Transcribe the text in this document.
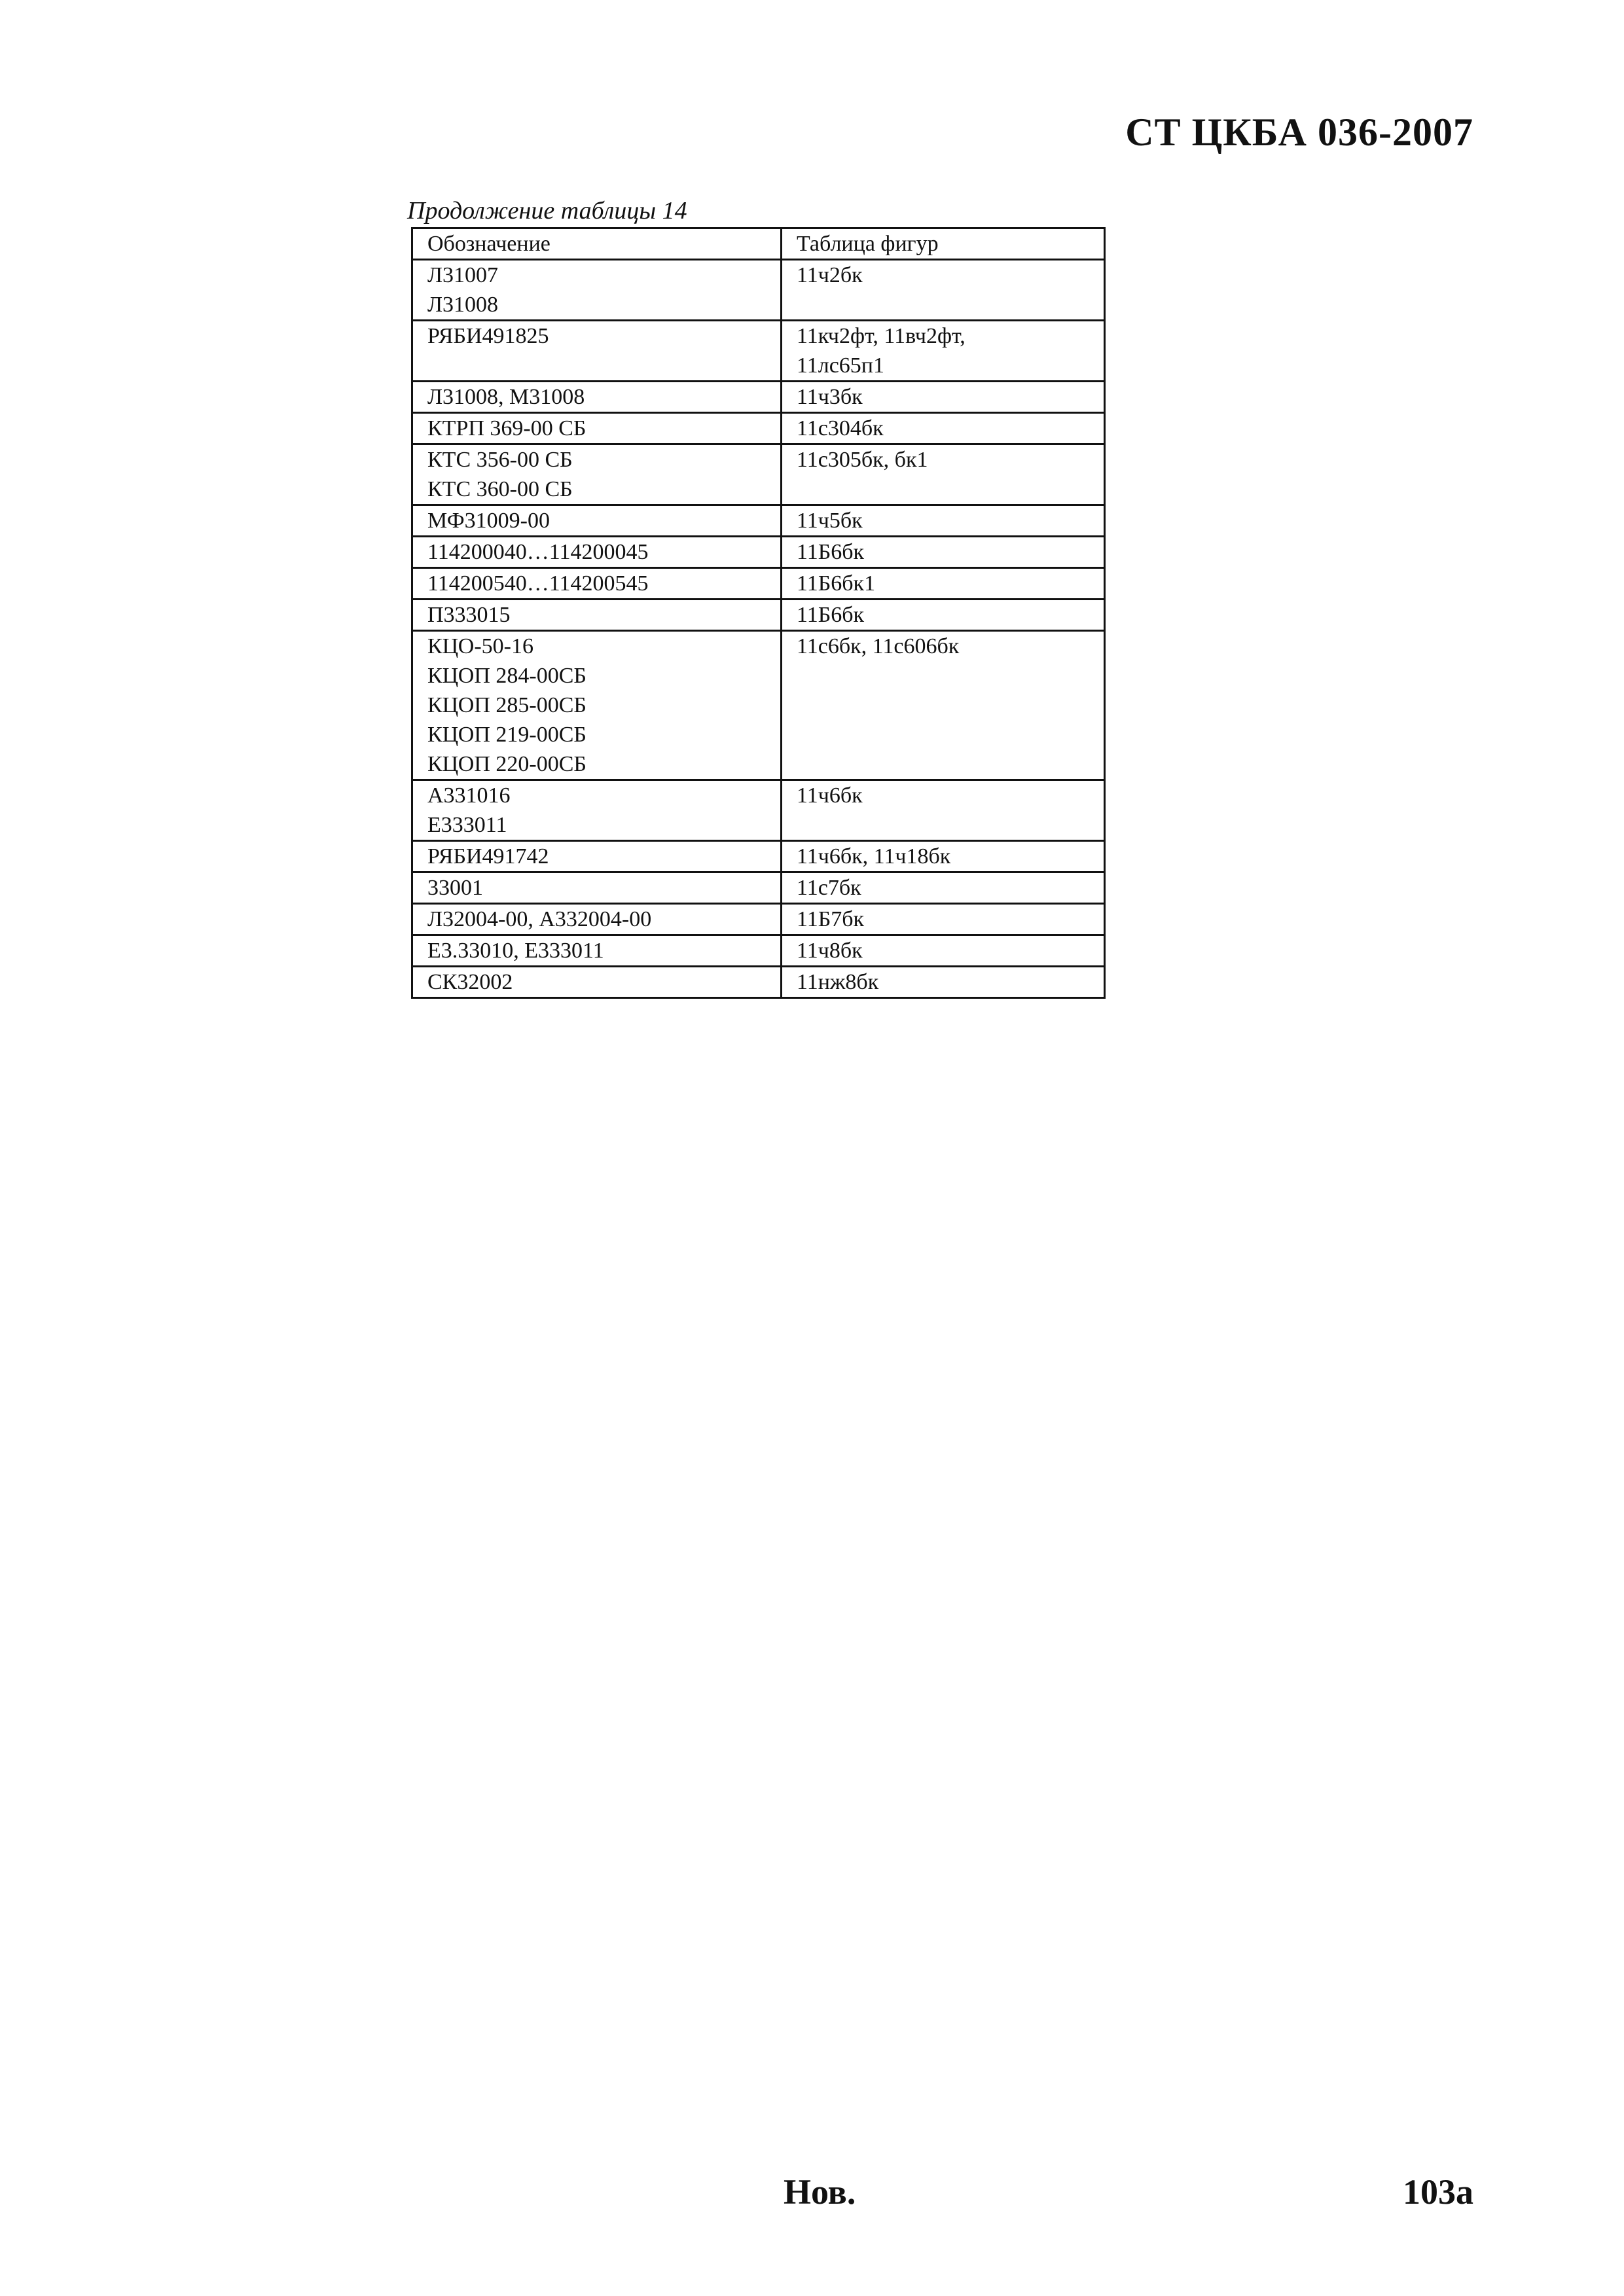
СТ ЦКБА 036-2007
Продолжение таблицы 14
Обозначение	Таблица фигур

Л31007
Л31008	11ч2бк

РЯБИ491825	11кч2фт, 11вч2фт,
11лс65п1

Л31008, М31008	11ч3бк

КТРП 369-00 СБ	11с304бк

КТС 356-00 СБ
КТС 360-00 СБ	11с305бк, бк1

МФ31009-00	11ч5бк

114200040…114200045	11Б6бк

114200540…114200545	11Б6бк1

П333015	11Б6бк

КЦО-50-16
КЦОП 284-00СБ
КЦОП 285-00СБ
КЦОП 219-00СБ
КЦОП 220-00СБ	11с6бк, 11с606бк

А331016
Е333011	11ч6бк

РЯБИ491742	11ч6бк, 11ч18бк

33001	11с7бк

Л32004-00, А332004-00	11Б7бк

Е3.33010, Е333011	11ч8бк

СК32002	11нж8бк
Нов.	103а
